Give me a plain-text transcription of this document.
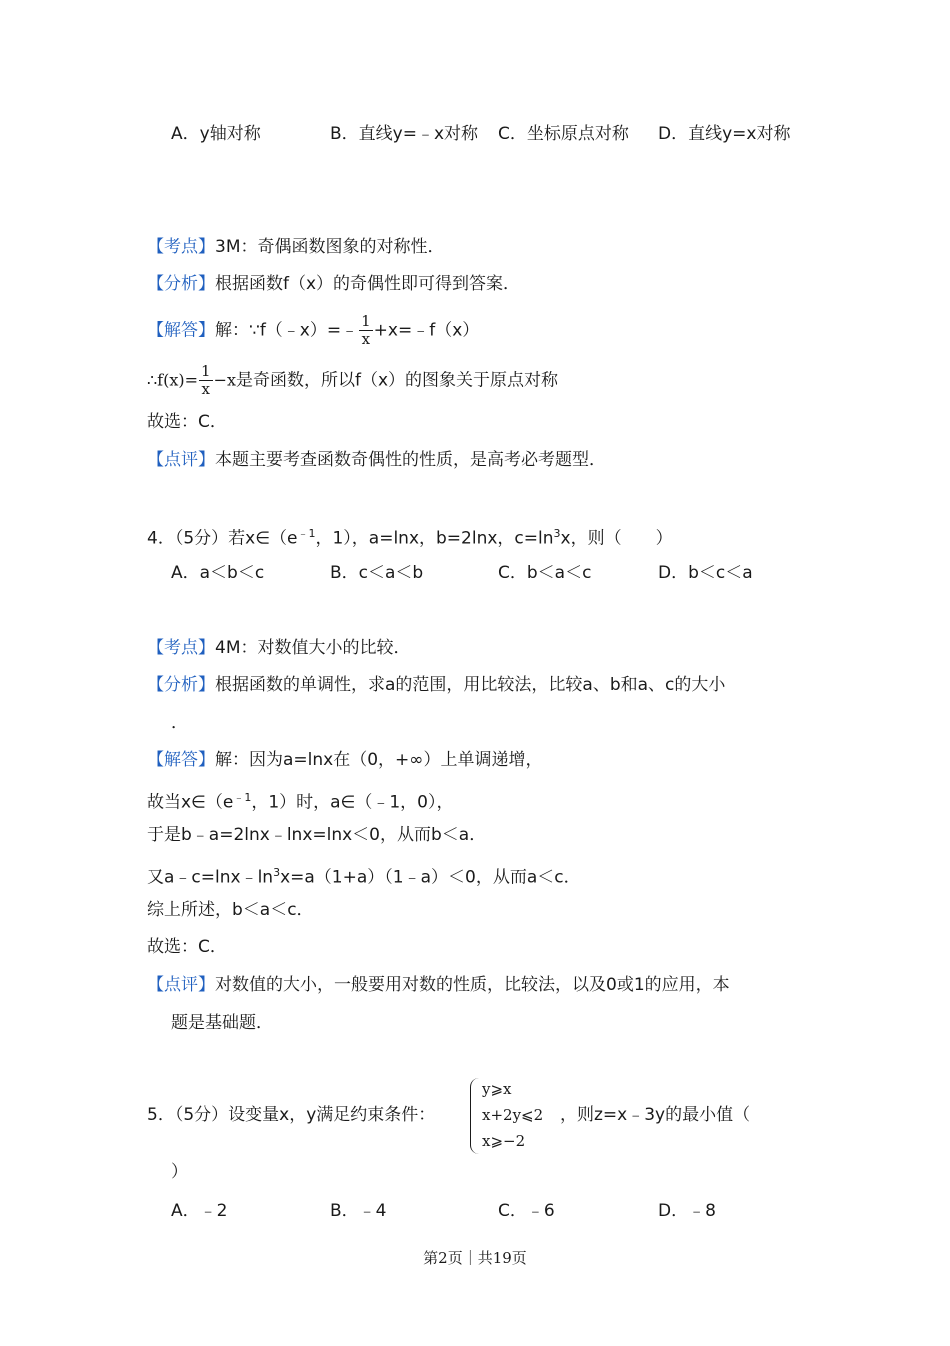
A．y轴对称	B．直线y=﹣x对称 C．坐标原点对称 D．直线y=x对称
【考点】3M：奇偶函数图象的对称性．
【分析】根据函数f（x）的奇偶性即可得到答案．
【解答】解：∵f（﹣x）=﹣ $\frac{1}{x}$ +x=﹣f（x）
∴f(x)= $\frac{1}{x} -x$是奇函数，所以f（x）的图象关于原点对称
故选：C．
【点评】本题主要考查函数奇偶性的性质，是高考必考题型．
4．（5分）若$x\in(e^{﹣1}$，1），a=lnx，b=2lnx，$c=\ln^3x$，则（　　）
A．a＜b＜c	B．c＜a＜b	C．b＜a＜c	D．b＜c＜a
【考点】4M：对数值大小的比较．
【分析】根据函数的单调性，求a的范围，用比较法，比较a、b和a、c的大小
．
【解答】解：因为a=lnx在（0，+∞）上单调递增，
故当$x\in(e^{﹣1}$，1）时，a∈（﹣1，0），
于是b﹣a=2lnx﹣lnx=lnx＜0，从而b＜a．
又$a﹣c=\ln x﹣\ln^3x=a(1+a)(1﹣a)<0$，从而a＜c．
综上所述，b＜a＜c．
故选：C．
【点评】对数值的大小，一般要用对数的性质，比较法，以及0或1的应用，本
题是基础题．
5．（5分）设变量x，y满足约束条件：
y⩾x
x+2y⩽2
x⩾−2
，则z=x﹣3y的最小值（
）
A．﹣2	B．﹣4	C．﹣6	D．﹣8
第2页｜共19页
